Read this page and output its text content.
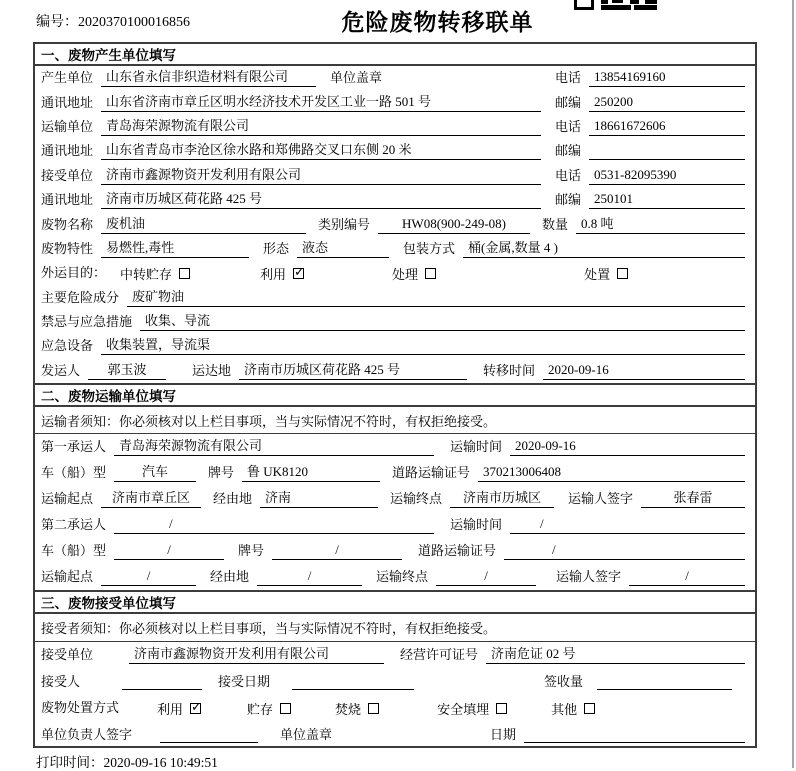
编号：2020370100016856	危险废物转移联单
一、废物产生单位填写
产生单位	山东省永信非织造材料有限公司	单位盖章	电话	13854169160
通讯地址	山东省济南市章丘区明水经济技术开发区工业一路 501 号	邮编	250200
运输单位	青岛海荣源物流有限公司	电话	18661672606
通讯地址	山东省青岛市李沧区徐水路和郑佛路交叉口东侧 20 米	邮编
接受单位	济南市鑫源物资开发利用有限公司	电话	0531-82095390
通讯地址	济南市历城区荷花路 425 号	邮编	250101
废物名称	废机油	类别编号	HW08(900-249-08)	数量	0.8 吨
废物特性	易燃性,毒性	形态	液态	包装方式	桶(金属,数量 4 )
外运目的： 中转贮存	利用 ✓	处理	处置
主要危险成分	废矿物油
禁忌与应急措施	收集、导流
应急设备	收集装置，导流渠
发运人	郭玉波	运达地	济南市历城区荷花路 425 号	转移时间	2020-09-16
二、废物运输单位填写
运输者须知：你必须核对以上栏目事项，当与实际情况不符时，有权拒绝接受。
第一承运人	青岛海荣源物流有限公司	运输时间	2020-09-16
车（船）型	汽车	牌号	鲁 UK8120	道路运输证号	370213006408
运输起点	济南市章丘区	经由地	济南	运输终点	济南市历城区	运输人签字	张春雷
第二承运人	/	运输时间	/
车（船）型	/	牌号	/	道路运输证号	/
运输起点	/	经由地	/	运输终点	/	运输人签字	/
三、废物接受单位填写
接受者须知：你必须核对以上栏目事项，当与实际情况不符时，有权拒绝接受。
接受单位	济南市鑫源物资开发利用有限公司	经营许可证号	济南危证 02 号
接受人	接受日期	签收量
废物处置方式	利用 ✓	贮存	焚烧	安全填埋	其他
单位负责人签字	单位盖章	日期
打印时间：2020-09-16 10:49:51
